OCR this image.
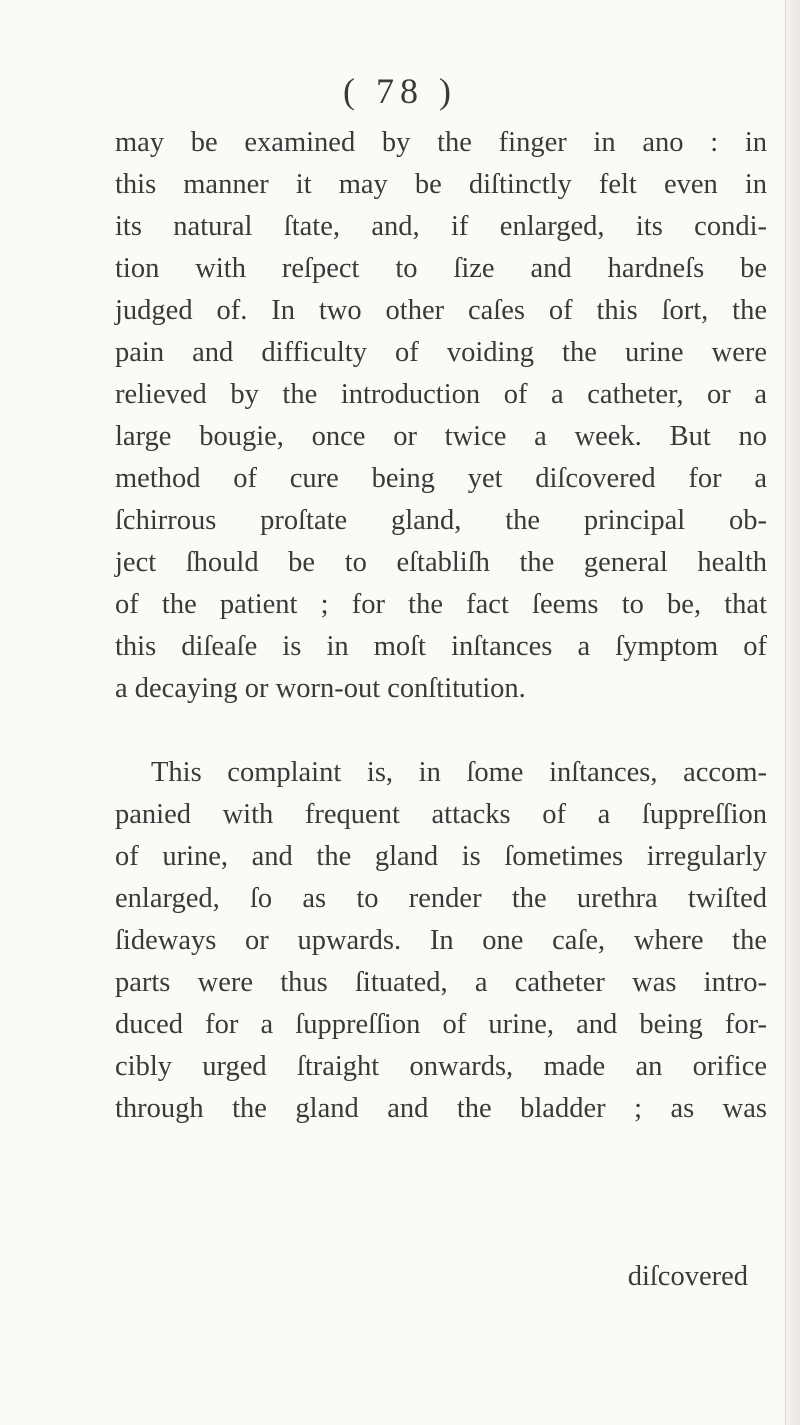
( 78 )
may be examined by the finger in ano : in
this manner it may be diſtinctly felt even in
its natural ſtate, and, if enlarged, its condi-
tion with reſpect to ſize and hardneſs be
judged of. In two other caſes of this ſort, the
pain and difficulty of voiding the urine were
relieved by the introduction of a catheter, or a
large bougie, once or twice a week. But no
method of cure being yet diſcovered for a
ſchirrous proſtate gland, the principal ob-
ject ſhould be to eſtabliſh the general health
of the patient ; for the fact ſeems to be, that
this diſeaſe is in moſt inſtances a ſymptom of
a decaying or worn-out conſtitution.
This complaint is, in ſome inſtances, accom-
panied with frequent attacks of a ſuppreſſion
of urine, and the gland is ſometimes irregularly
enlarged, ſo as to render the urethra twiſted
ſideways or upwards. In one caſe, where the
parts were thus ſituated, a catheter was intro-
duced for a ſuppreſſion of urine, and being for-
cibly urged ſtraight onwards, made an orifice
through the gland and the bladder ; as was
diſcovered
